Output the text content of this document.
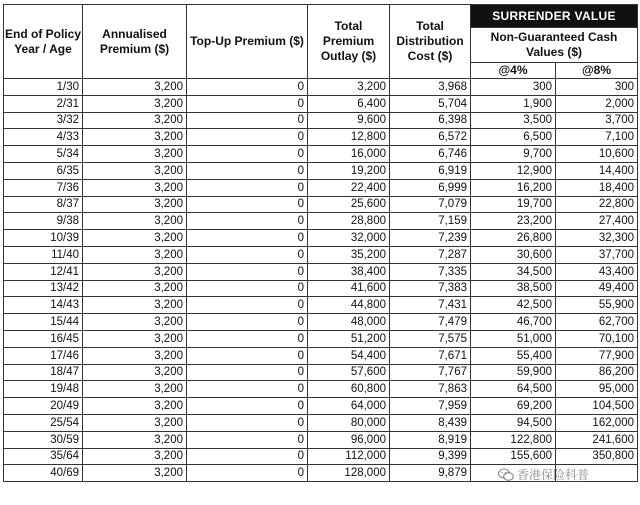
End of Policy Year / Age	Annualised Premium ($)	Top-Up Premium ($)	Total Premium Outlay ($)	Total Distribution Cost ($)	SURRENDER VALUE	
					Non-Guaranteed Cash Values ($)	
					@4%	@8%
1/30	3,200	0	3,200	3,968	300	300
2/31	3,200	0	6,400	5,704	1,900	2,000
3/32	3,200	0	9,600	6,398	3,500	3,700
4/33	3,200	0	12,800	6,572	6,500	7,100
5/34	3,200	0	16,000	6,746	9,700	10,600
6/35	3,200	0	19,200	6,919	12,900	14,400
7/36	3,200	0	22,400	6,999	16,200	18,400
8/37	3,200	0	25,600	7,079	19,700	22,800
9/38	3,200	0	28,800	7,159	23,200	27,400
10/39	3,200	0	32,000	7,239	26,800	32,300
11/40	3,200	0	35,200	7,287	30,600	37,700
12/41	3,200	0	38,400	7,335	34,500	43,400
13/42	3,200	0	41,600	7,383	38,500	49,400
14/43	3,200	0	44,800	7,431	42,500	55,900
15/44	3,200	0	48,000	7,479	46,700	62,700
16/45	3,200	0	51,200	7,575	51,000	70,100
17/46	3,200	0	54,400	7,671	55,400	77,900
18/47	3,200	0	57,600	7,767	59,900	86,200
19/48	3,200	0	60,800	7,863	64,500	95,000
20/49	3,200	0	64,000	7,959	69,200	104,500
25/54	3,200	0	80,000	8,439	94,500	162,000
30/59	3,200	0	96,000	8,919	122,800	241,600
35/64	3,200	0	112,000	9,399	155,600	350,800
40/69	3,200	0	128,000	9,879			香港保险科普
